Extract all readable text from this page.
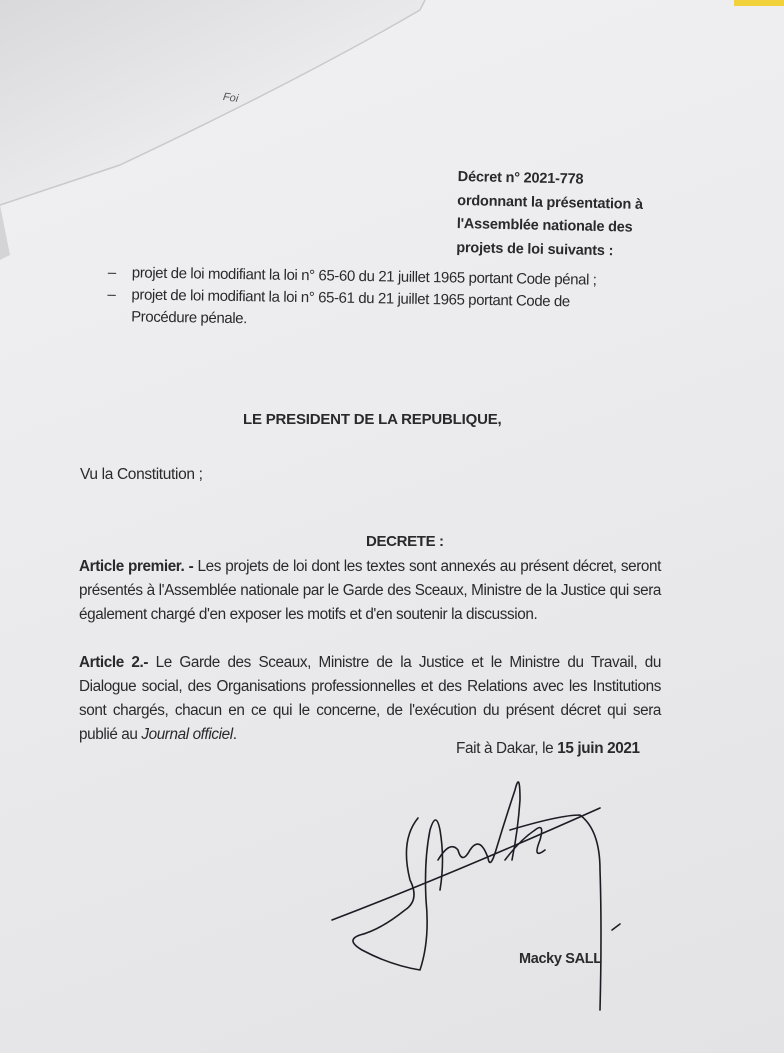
Foi
Décret n° 2021-778
ordonnant la présentation à
l'Assemblée nationale des
projets de loi suivants :
– projet de loi modifiant la loi n° 65-60 du 21 juillet 1965 portant Code pénal ;
– projet de loi modifiant la loi n° 65-61 du 21 juillet 1965 portant Code de
Procédure pénale.
LE PRESIDENT DE LA REPUBLIQUE,
Vu la Constitution ;
DECRETE :
Article premier. - Les projets de loi dont les textes sont annexés au présent décret, seront présentés à l'Assemblée nationale par le Garde des Sceaux, Ministre de la Justice qui sera également chargé d'en exposer les motifs et d'en soutenir la discussion.
Article 2.- Le Garde des Sceaux, Ministre de la Justice et le Ministre du Travail, du Dialogue social, des Organisations professionnelles et des Relations avec les Institutions sont chargés, chacun en ce qui le concerne, de l'exécution du présent décret qui sera publié au Journal officiel.
Fait à Dakar, le 15 juin 2021
Macky SALL
